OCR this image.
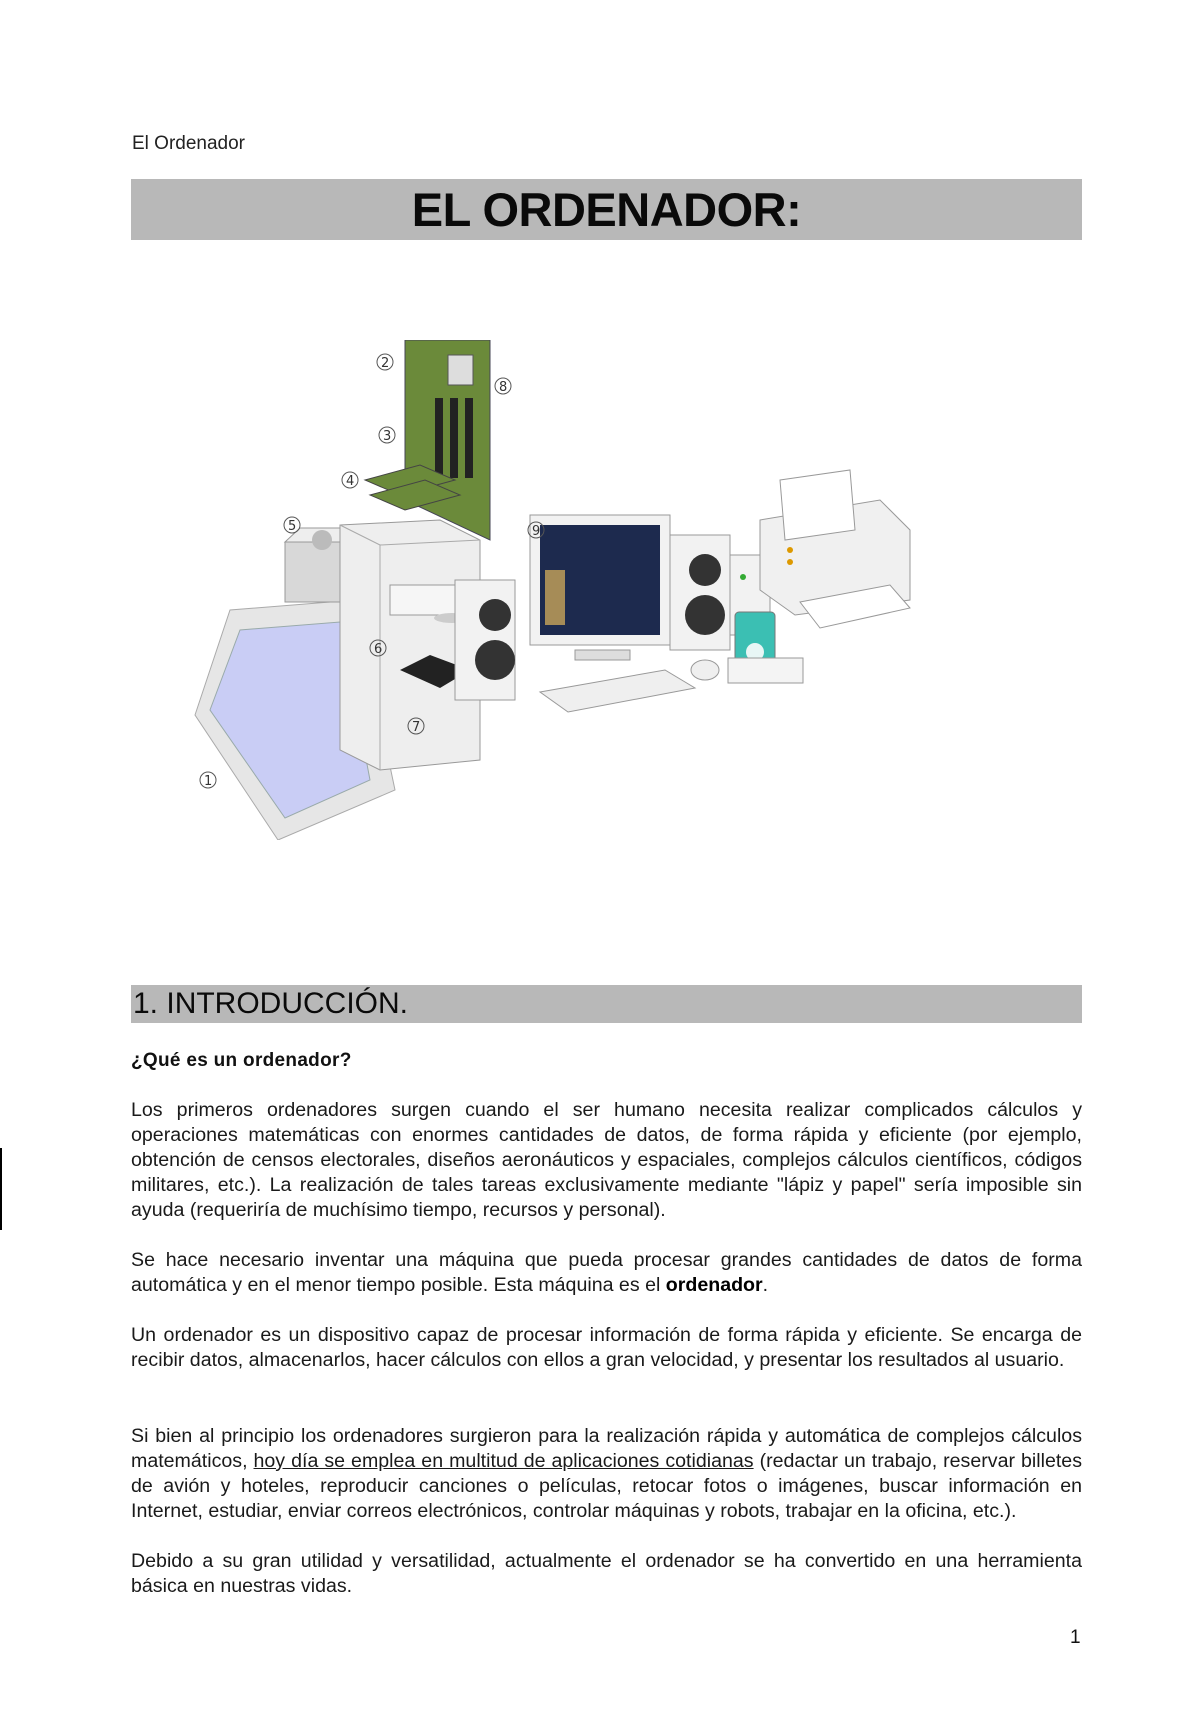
El Ordenador
EL ORDENADOR:
1
2
3
4
5
6
7
8
9
1. INTRODUCCIÓN.
¿Qué es un ordenador?

Los primeros ordenadores surgen cuando el ser humano necesita realizar complicados cálculos y operaciones matemáticas con enormes cantidades de datos, de forma rápida y eficiente (por ejemplo, obtención de censos electorales, diseños aeronáuticos y espaciales, complejos cálculos científicos, códigos militares, etc.). La realización de tales tareas exclusivamente mediante "lápiz y papel" sería imposible sin ayuda (requeriría de muchísimo tiempo, recursos y personal).

Se hace necesario inventar una máquina que pueda procesar grandes cantidades de datos de forma automática y en el menor tiempo posible. Esta máquina es el ordenador.

Un ordenador es un dispositivo capaz de procesar información de forma rápida y eficiente. Se encarga de recibir datos, almacenarlos, hacer cálculos con ellos a gran velocidad, y presentar los resultados al usuario.

Si bien al principio los ordenadores surgieron para la realización rápida y automática de complejos cálculos matemáticos, hoy día se emplea en multitud de aplicaciones cotidianas (redactar un trabajo, reservar billetes de avión y hoteles, reproducir canciones o películas, retocar fotos o imágenes, buscar información en Internet, estudiar, enviar correos electrónicos, controlar máquinas y robots, trabajar en la oficina, etc.).

Debido a su gran utilidad y versatilidad, actualmente el ordenador se ha convertido en una herramienta básica en nuestras vidas.

1
